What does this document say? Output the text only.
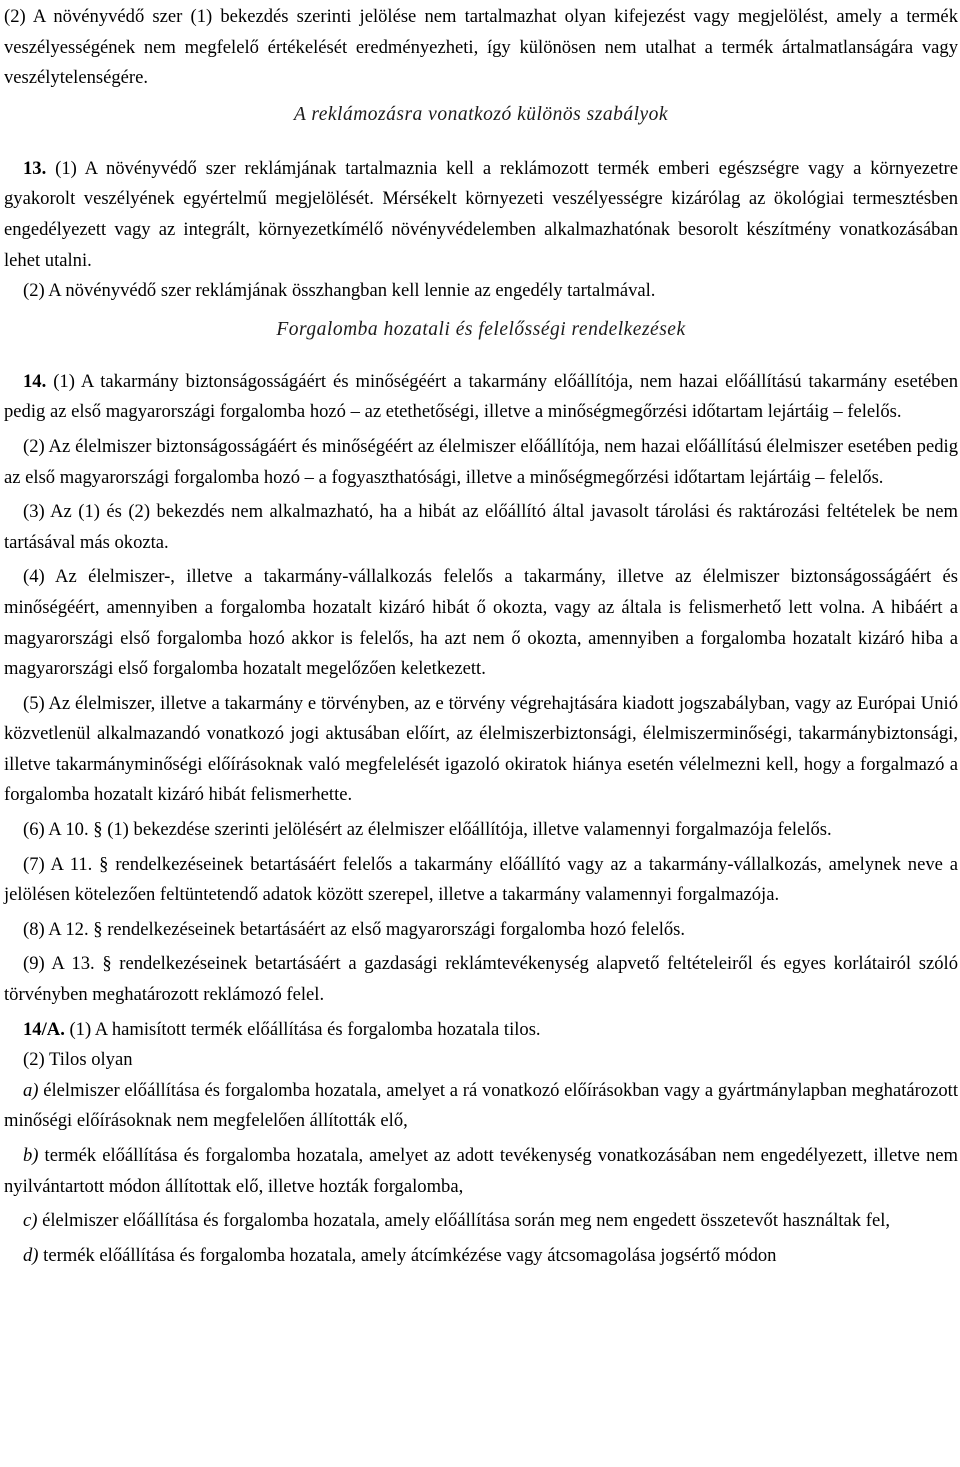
(2) A növényvédő szer (1) bekezdés szerinti jelölése nem tartalmazhat olyan kifejezést vagy megjelölést, amely a termék veszélyességének nem megfelelő értékelését eredményezheti, így különösen nem utalhat a termék ártalmatlanságára vagy veszélytelenségére.

A reklámozásra vonatkozó különös szabályok

13. (1) A növényvédő szer reklámjának tartalmaznia kell a reklámozott termék emberi egészségre vagy a környezetre gyakorolt veszélyének egyértelmű megjelölését. Mérsékelt környezeti veszélyességre kizárólag az ökológiai termesztésben engedélyezett vagy az integrált, környezetkímélő növényvédelemben alkalmazhatónak besorolt készítmény vonatkozásában lehet utalni.

(2) A növényvédő szer reklámjának összhangban kell lennie az engedély tartalmával.

Forgalomba hozatali és felelősségi rendelkezések

14. (1) A takarmány biztonságosságáért és minőségéért a takarmány előállítója, nem hazai előállítású takarmány esetében pedig az első magyarországi forgalomba hozó – az etethetőségi, illetve a minőségmegőrzési időtartam lejártáig – felelős.

(2) Az élelmiszer biztonságosságáért és minőségéért az élelmiszer előállítója, nem hazai előállítású élelmiszer esetében pedig az első magyarországi forgalomba hozó – a fogyaszthatósági, illetve a minőségmegőrzési időtartam lejártáig – felelős.

(3) Az (1) és (2) bekezdés nem alkalmazható, ha a hibát az előállító által javasolt tárolási és raktározási feltételek be nem tartásával más okozta.

(4) Az élelmiszer-, illetve a takarmány-vállalkozás felelős a takarmány, illetve az élelmiszer biztonságosságáért és minőségéért, amennyiben a forgalomba hozatalt kizáró hibát ő okozta, vagy az általa is felismerhető lett volna. A hibáért a magyarországi első forgalomba hozó akkor is felelős, ha azt nem ő okozta, amennyiben a forgalomba hozatalt kizáró hiba a magyarországi első forgalomba hozatalt megelőzően keletkezett.

(5) Az élelmiszer, illetve a takarmány e törvényben, az e törvény végrehajtására kiadott jogszabályban, vagy az Európai Unió közvetlenül alkalmazandó vonatkozó jogi aktusában előírt, az élelmiszerbiztonsági, élelmiszerminőségi, takarmánybiztonsági, illetve takarmányminőségi előírásoknak való megfelelését igazoló okiratok hiánya esetén vélelmezni kell, hogy a forgalmazó a forgalomba hozatalt kizáró hibát felismerhette.

(6) A 10. § (1) bekezdése szerinti jelölésért az élelmiszer előállítója, illetve valamennyi forgalmazója felelős.

(7) A 11. § rendelkezéseinek betartásáért felelős a takarmány előállító vagy az a takarmány-vállalkozás, amelynek neve a jelölésen kötelezően feltüntetendő adatok között szerepel, illetve a takarmány valamennyi forgalmazója.

(8) A 12. § rendelkezéseinek betartásáért az első magyarországi forgalomba hozó felelős.

(9) A 13. § rendelkezéseinek betartásáért a gazdasági reklámtevékenység alapvető feltételeiről és egyes korlátairól szóló törvényben meghatározott reklámozó felel.

14/A. (1) A hamisított termék előállítása és forgalomba hozatala tilos.

(2) Tilos olyan

a) élelmiszer előállítása és forgalomba hozatala, amelyet a rá vonatkozó előírásokban vagy a gyártmánylapban meghatározott minőségi előírásoknak nem megfelelően állították elő,

b) termék előállítása és forgalomba hozatala, amelyet az adott tevékenység vonatkozásában nem engedélyezett, illetve nem nyilvántartott módon állítottak elő, illetve hozták forgalomba,

c) élelmiszer előállítása és forgalomba hozatala, amely előállítása során meg nem engedett összetevőt használtak fel,

d) termék előállítása és forgalomba hozatala, amely átcímkézése vagy átcsomagolása jogsértő módon
